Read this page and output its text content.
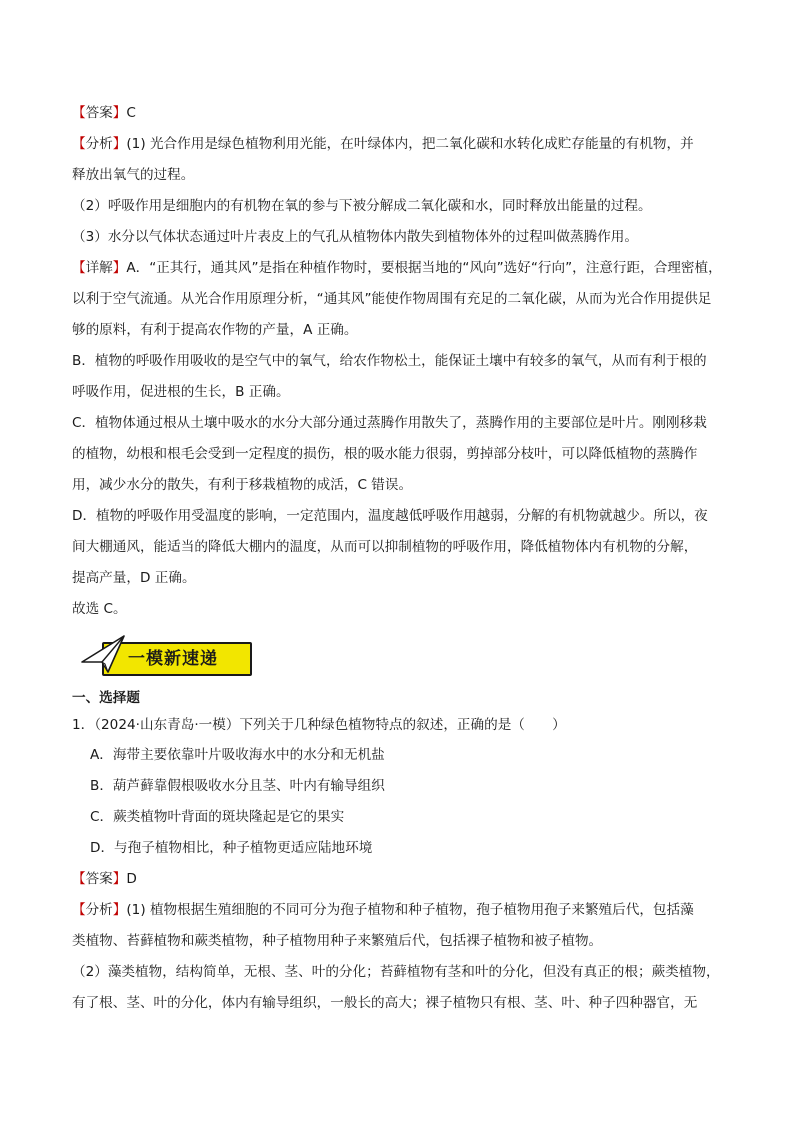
【答案】C
【分析】(1) 光合作用是绿色植物利用光能，在叶绿体内，把二氧化碳和水转化成贮存能量的有机物，并
释放出氧气的过程。
（2）呼吸作用是细胞内的有机物在氧的参与下被分解成二氧化碳和水，同时释放出能量的过程。
（3）水分以气体状态通过叶片表皮上的气孔从植物体内散失到植物体外的过程叫做蒸腾作用。
【详解】A．“正其行，通其风”是指在种植作物时，要根据当地的“风向”选好“行向”，注意行距，合理密植，
以利于空气流通。从光合作用原理分析，“通其风”能使作物周围有充足的二氧化碳，从而为光合作用提供足
够的原料，有利于提高农作物的产量，A 正确。
B．植物的呼吸作用吸收的是空气中的氧气，给农作物松土，能保证土壤中有较多的氧气，从而有利于根的
呼吸作用，促进根的生长，B 正确。
C．植物体通过根从土壤中吸水的水分大部分通过蒸腾作用散失了，蒸腾作用的主要部位是叶片。刚刚移栽
的植物，幼根和根毛会受到一定程度的损伤，根的吸水能力很弱，剪掉部分枝叶，可以降低植物的蒸腾作
用，减少水分的散失，有利于移栽植物的成活，C 错误。
D．植物的呼吸作用受温度的影响，一定范围内，温度越低呼吸作用越弱，分解的有机物就越少。所以，夜
间大棚通风，能适当的降低大棚内的温度，从而可以抑制植物的呼吸作用，降低植物体内有机物的分解，
提高产量，D 正确。
故选 C。
一模新速递
一、选择题
1．（2024·山东青岛·一模）下列关于几种绿色植物特点的叙述，正确的是（　　）
A．海带主要依靠叶片吸收海水中的水分和无机盐
B．葫芦藓靠假根吸收水分且茎、叶内有输导组织
C．蕨类植物叶背面的斑块隆起是它的果实
D．与孢子植物相比，种子植物更适应陆地环境
【答案】D
【分析】(1) 植物根据生殖细胞的不同可分为孢子植物和种子植物，孢子植物用孢子来繁殖后代，包括藻
类植物、苔藓植物和蕨类植物，种子植物用种子来繁殖后代，包括裸子植物和被子植物。
（2）藻类植物，结构简单，无根、茎、叶的分化；苔藓植物有茎和叶的分化，但没有真正的根；蕨类植物，
有了根、茎、叶的分化，体内有输导组织，一般长的高大；裸子植物只有根、茎、叶、种子四种器官，无
